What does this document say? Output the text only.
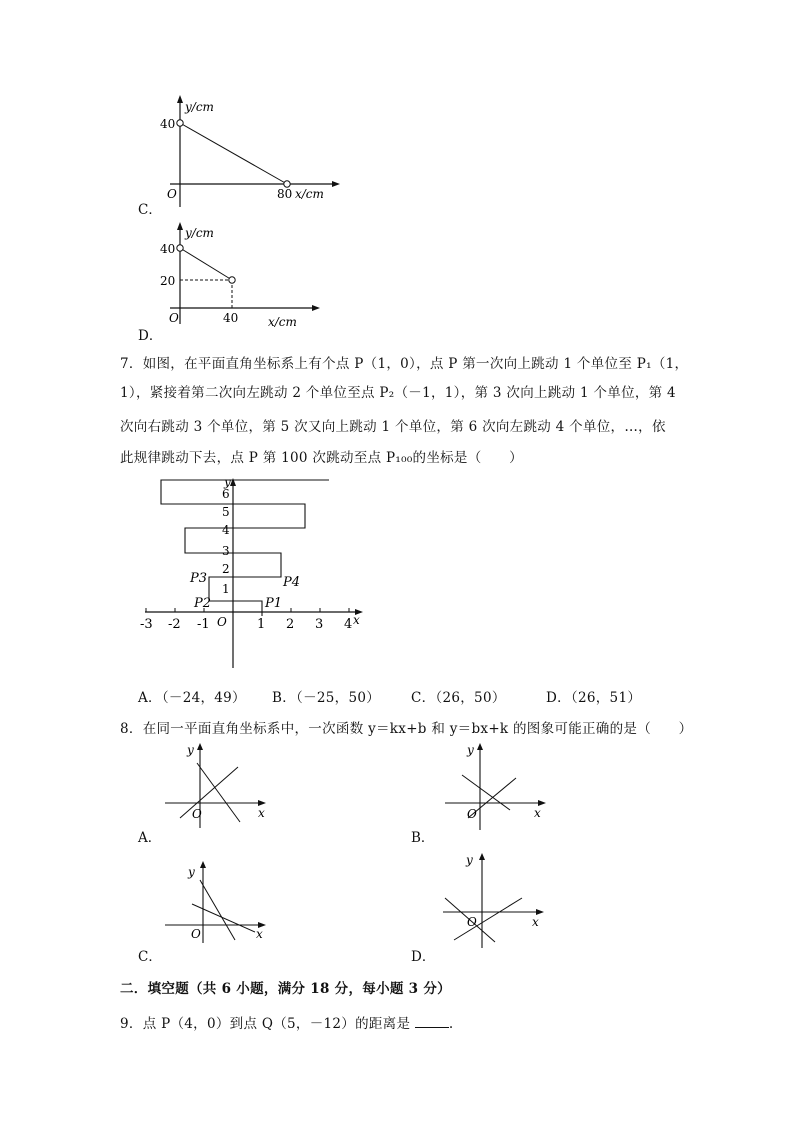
C．
y/cm
40
O	80 x/cm
D．
y/cm
40
20
O	40 x/cm
7．如图，在平面直角坐标系上有个点 P（1，0），点 P 第一次向上跳动 1 个单位至 P₁（1，
1），紧接着第二次向左跳动 2 个单位至点 P₂（－1，1），第 3 次向上跳动 1 个单位，第 4
次向右跳动 3 个单位，第 5 次又向上跳动 1 个单位，第 6 次向左跳动 4 个单位，…，依
此规律跳动下去，点 P 第 100 次跳动至点 P₁₀₀的坐标是（　　）
y
x
O
-3 -2 -1	1 2 3 4
1
2
3
4
5
6
P1
P2
P3	P4
A．（－24，49） B．（－25，50） C．（26，50）	D．（26，51）
8．在同一平面直角坐标系中，一次函数 y＝kx+b 和 y＝bx+k 的图象可能正确的是（　　）
A．
y
x
O
B．
y
x
O
C．
y
x
O
D．
y
x
O
二．填空题（共 6 小题，满分 18 分，每小题 3 分）
9．点 P（4，0）到点 Q（5，－12）的距离是	.
